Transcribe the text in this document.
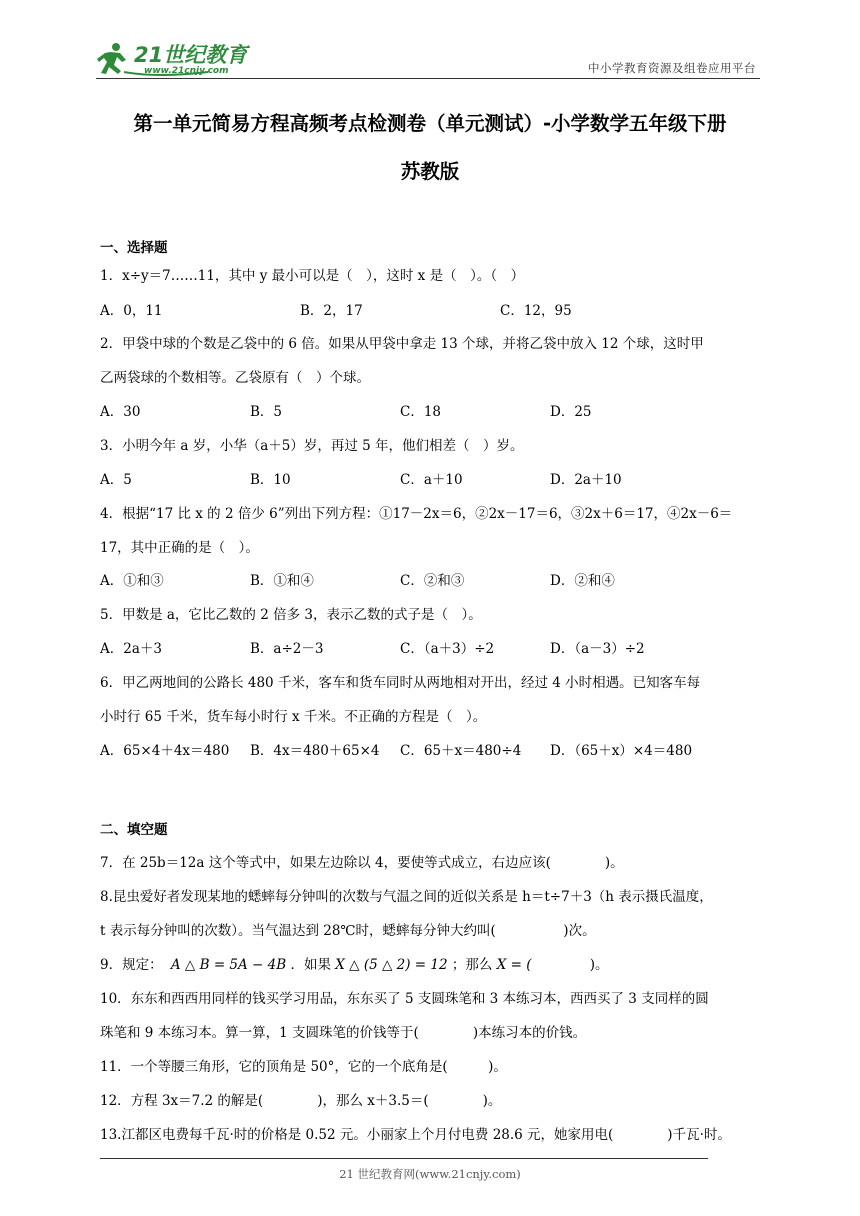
21世纪教育
www.21cnjy.com	中小学教育资源及组卷应用平台
第一单元简易方程高频考点检测卷（单元测试）-小学数学五年级下册
苏教版
一、选择题
1．x÷y＝7……11，其中 y 最小可以是（　），这时 x 是（　）。（　）
A．0，11	B．2，17	C．12，95
2．甲袋中球的个数是乙袋中的 6 倍。如果从甲袋中拿走 13 个球，并将乙袋中放入 12 个球，这时甲
乙两袋球的个数相等。乙袋原有（　）个球。
A．30	B．5	C．18	D．25
3．小明今年 a 岁，小华（a＋5）岁，再过 5 年，他们相差（　）岁。
A．5	B．10	C．a＋10	D．2a＋10
4．根据“17 比 x 的 2 倍少 6”列出下列方程：①17－2x＝6，②2x－17＝6，③2x＋6＝17，④2x－6＝
17，其中正确的是（　）。
A．①和③	B．①和④	C．②和③	D．②和④
5．甲数是 a，它比乙数的 2 倍多 3，表示乙数的式子是（　）。
A．2a＋3	B．a÷2－3	C．（a＋3）÷2	D．（a－3）÷2
6．甲乙两地间的公路长 480 千米，客车和货车同时从两地相对开出，经过 4 小时相遇。已知客车每
小时行 65 千米，货车每小时行 x 千米。不正确的方程是（　）。
A．65×4＋4x＝480 B．4x＝480＋65×4 C．65＋x＝480÷4 D．（65＋x）×4＝480
二、填空题
7．在 25b＝12a 这个等式中，如果左边除以 4，要使等式成立，右边应该(　　　　)。
8.昆虫爱好者发现某地的蟋蟀每分钟叫的次数与气温之间的近似关系是 h＝t÷7＋3（h 表示摄氏温度，
t 表示每分钟叫的次数）。当气温达到 28℃时，蟋蟀每分钟大约叫(　　　　　)次。
9．规定： A △ B = 5A − 4B ．如果 X △ (5 △ 2) = 12 ；那么 X = ( 　　　　)。
10．东东和西西用同样的钱买学习用品，东东买了 5 支圆珠笔和 3 本练习本，西西买了 3 支同样的圆
珠笔和 9 本练习本。算一算，1 支圆珠笔的价钱等于(　　　　)本练习本的价钱。
11．一个等腰三角形，它的顶角是 50°，它的一个底角是(　　　)。
12．方程 3x＝7.2 的解是(　　　　)，那么 x＋3.5＝(　　　　)。
13.江都区电费每千瓦·时的价格是 0.52 元。小丽家上个月付电费 28.6 元，她家用电(　　　　)千瓦·时。
21 世纪教育网(www.21cnjy.com)
